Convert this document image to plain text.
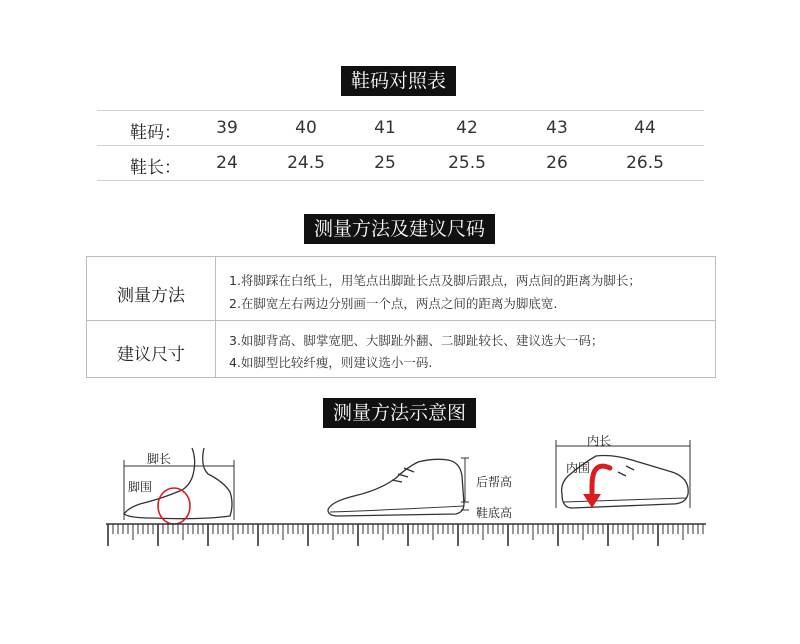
鞋码对照表
鞋码：	39	40	41	42	43	44
鞋长：	24	24.5	25	25.5	26	26.5
测量方法及建议尺码
测量方法
1.将脚踩在白纸上，用笔点出脚趾长点及脚后跟点，两点间的距离为脚长；
2.在脚宽左右两边分别画一个点，两点之间的距离为脚底宽.
建议尺寸
3.如脚背高、脚掌宽肥、大脚趾外翻、二脚趾较长、建议选大一码；
4.如脚型比较纤瘦，则建议选小一码.
测量方法示意图
脚长
脚围	后帮高
鞋底高
内长
内围
